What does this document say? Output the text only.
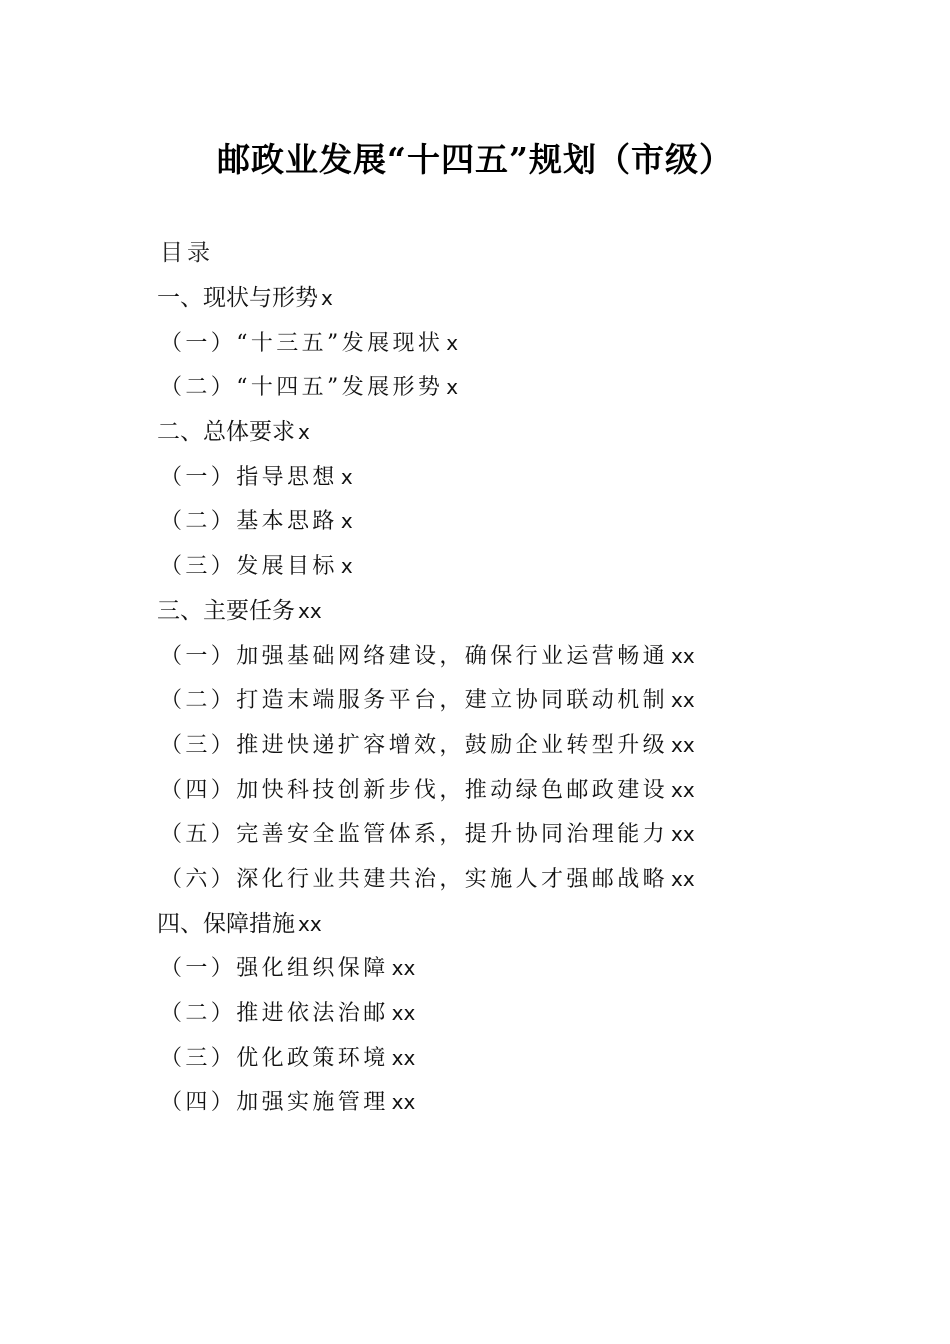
邮政业发展“十四五”规划（市级）
目录
一、现状与形势 x
（一）“十三五”发展现状 x
（二）“十四五”发展形势 x
二、总体要求 x
（一）指导思想 x
（二）基本思路 x
（三）发展目标 x
三、主要任务 xx
（一）加强基础网络建设，确保行业运营畅通 xx
（二）打造末端服务平台，建立协同联动机制 xx
（三）推进快递扩容增效，鼓励企业转型升级 xx
（四）加快科技创新步伐，推动绿色邮政建设 xx
（五）完善安全监管体系，提升协同治理能力 xx
（六）深化行业共建共治，实施人才强邮战略 xx
四、保障措施 xx
（一）强化组织保障 xx
（二）推进依法治邮 xx
（三）优化政策环境 xx
（四）加强实施管理 xx
